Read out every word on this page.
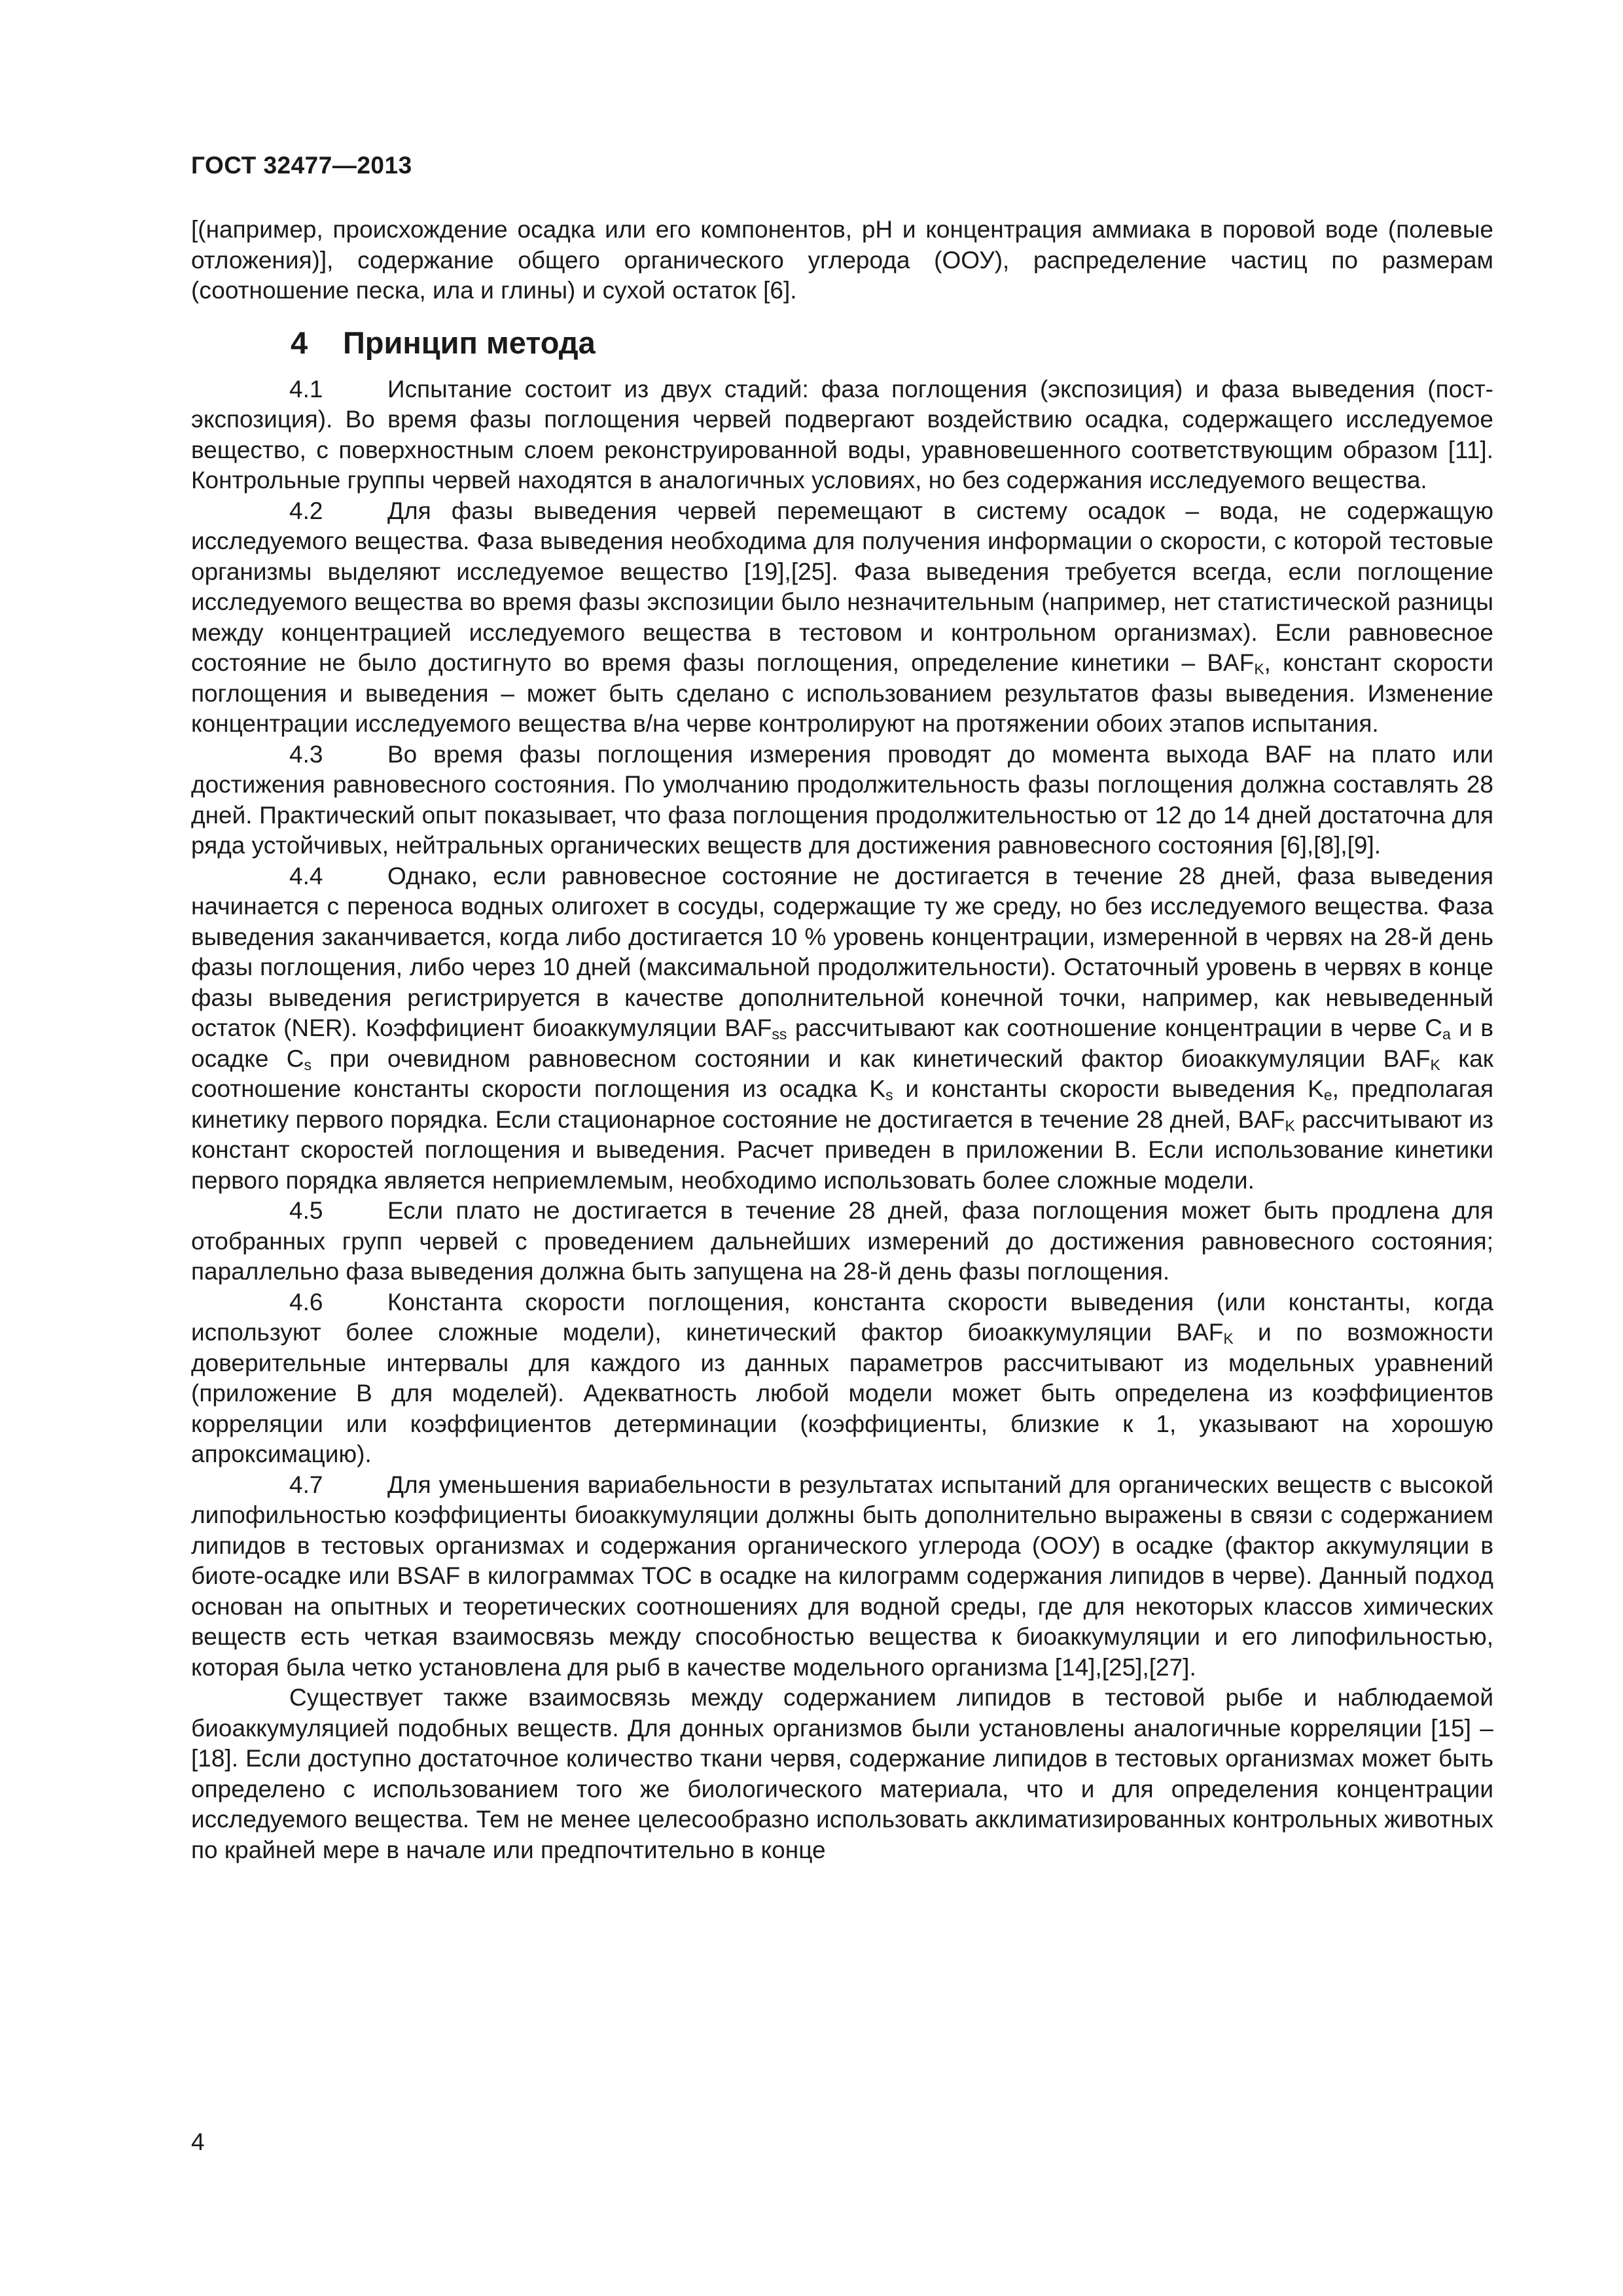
ГОСТ 32477—2013

[(например, происхождение осадка или его компонентов, pH и концентрация аммиака в поровой воде (полевые отложения)], содержание общего органического углерода (ООУ), распределение частиц по размерам (соотношение песка, ила и глины) и сухой остаток [6].

4 Принцип метода

4.1	Испытание состоит из двух стадий: фаза поглощения (экспозиция) и фаза выведения (пост-экспозиция). Во время фазы поглощения червей подвергают воздействию осадка, содержащего исследуемое вещество, с поверхностным слоем реконструированной воды, уравновешенного соответствующим образом [11]. Контрольные группы червей находятся в аналогичных условиях, но без содержания исследуемого вещества.

4.2	Для фазы выведения червей перемещают в систему осадок – вода, не содержащую исследуемого вещества. Фаза выведения необходима для получения информации о скорости, с которой тестовые организмы выделяют исследуемое вещество [19],[25]. Фаза выведения требуется всегда, если поглощение исследуемого вещества во время фазы экспозиции было незначительным (например, нет статистической разницы между концентрацией исследуемого вещества в тестовом и контрольном организмах). Если равновесное состояние не было достигнуто во время фазы поглощения, определение кинетики – $BAF_K$, констант скорости поглощения и выведения – может быть сделано с использованием результатов фазы выведения. Изменение концентрации исследуемого вещества в/на черве контролируют на протяжении обоих этапов испытания.

4.3	Во время фазы поглощения измерения проводят до момента выхода BAF на плато или достижения равновесного состояния. По умолчанию продолжительность фазы поглощения должна составлять 28 дней. Практический опыт показывает, что фаза поглощения продолжительностью от 12 до 14 дней достаточна для ряда устойчивых, нейтральных органических веществ для достижения равновесного состояния [6],[8],[9].

4.4	Однако, если равновесное состояние не достигается в течение 28 дней, фаза выведения начинается с переноса водных олигохет в сосуды, содержащие ту же среду, но без исследуемого вещества. Фаза выведения заканчивается, когда либо достигается 10 % уровень концентрации, измеренной в червях на 28-й день фазы поглощения, либо через 10 дней (максимальной продолжительности). Остаточный уровень в червях в конце фазы выведения регистрируется в качестве дополнительной конечной точки, например, как невыведенный остаток (NER). Коэффициент биоаккумуляции $BAF_{ss}$ рассчитывают как соотношение концентрации в черве $C_a$ и в осадке $C_s$ при очевидном равновесном состоянии и как кинетический фактор биоаккумуляции $BAF_K$ как соотношение константы скорости поглощения из осадка $K_s$ и константы скорости выведения $K_e$, предполагая кинетику первого порядка. Если стационарное состояние не достигается в течение 28 дней, $BAF_K$ рассчитывают из констант скоростей поглощения и выведения. Расчет приведен в приложении В. Если использование кинетики первого порядка является неприемлемым, необходимо использовать более сложные модели.

4.5	Если плато не достигается в течение 28 дней, фаза поглощения может быть продлена для отобранных групп червей с проведением дальнейших измерений до достижения равновесного состояния; параллельно фаза выведения должна быть запущена на 28-й день фазы поглощения.

4.6	Константа скорости поглощения, константа скорости выведения (или константы, когда используют более сложные модели), кинетический фактор биоаккумуляции $BAF_K$ и по возможности доверительные интервалы для каждого из данных параметров рассчитывают из модельных уравнений (приложение В для моделей). Адекватность любой модели может быть определена из коэффициентов корреляции или коэффициентов детерминации (коэффициенты, близкие к 1, указывают на хорошую апроксимацию).

4.7	Для уменьшения вариабельности в результатах испытаний для органических веществ с высокой липофильностью коэффициенты биоаккумуляции должны быть дополнительно выражены в связи с содержанием липидов в тестовых организмах и содержания органического углерода (ООУ) в осадке (фактор аккумуляции в биоте-осадке или BSAF в килограммах TOC в осадке на килограмм содержания липидов в черве). Данный подход основан на опытных и теоретических соотношениях для водной среды, где для некоторых классов химических веществ есть четкая взаимосвязь между способностью вещества к биоаккумуляции и его липофильностью, которая была четко установлена для рыб в качестве модельного организма [14],[25],[27].

Существует также взаимосвязь между содержанием липидов в тестовой рыбе и наблюдаемой биоаккумуляцией подобных веществ. Для донных организмов были установлены аналогичные корреляции [15] – [18]. Если доступно достаточное количество ткани червя, содержание липидов в тестовых организмах может быть определено с использованием того же биологического материала, что и для определения концентрации исследуемого вещества. Тем не менее целесообразно использовать акклиматизированных контрольных животных по крайней мере в начале или предпочтительно в конце

4
